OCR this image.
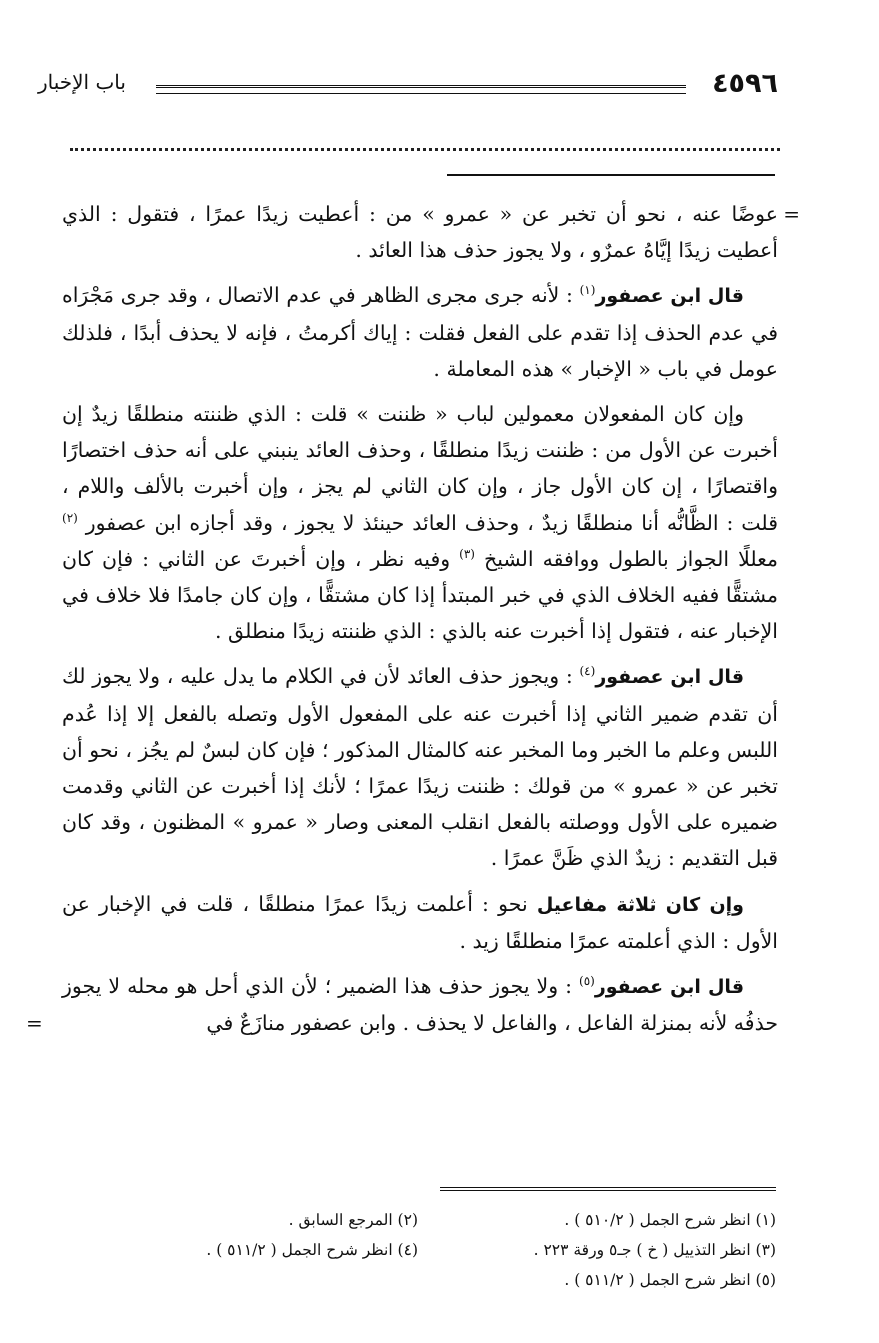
٤٥٩٦
باب الإخبار
=

عوضًا عنه ، نحو أن تخبر عن « عمرو » من : أعطيت زيدًا عمرًا ، فتقول : الذي أعطيت زيدًا إيَّاهُ عمرٌو ، ولا يجوز حذف هذا العائد .

قال ابن عصفور$^{(١)}$ : لأنه جرى مجرى الظاهر في عدم الاتصال ، وقد جرى مَجْرَاه في عدم الحذف إذا تقدم على الفعل فقلت : إياك أكرمتُ ، فإنه لا يحذف أبدًا ، فلذلك عومل في باب « الإخبار » هذه المعاملة .

وإن كان المفعولان معمولين لباب « ظننت » قلت : الذي ظننته منطلقًا زيدٌ إن أخبرت عن الأول من : ظننت زيدًا منطلقًا ، وحذف العائد ينبني على أنه حذف اختصارًا واقتصارًا ، إن كان الأول جاز ، وإن كان الثاني لم يجز ، وإن أخبرت بالألف واللام ، قلت : الظَّانُّه أنا منطلقًا زيدٌ ، وحذف العائد حينئذ لا يجوز ، وقد أجازه ابن عصفور $^{(٢)}$ معللًا الجواز بالطول ووافقه الشيخ $^{(٣)}$ وفيه نظر ، وإن أخبرتَ عن الثاني : فإن كان مشتقًّا ففيه الخلاف الذي في خبر المبتدأ إذا كان مشتقًّا ، وإن كان جامدًا فلا خلاف في الإخبار عنه ، فتقول إذا أخبرت عنه بالذي : الذي ظننته زيدًا منطلق .

قال ابن عصفور$^{(٤)}$ : ويجوز حذف العائد لأن في الكلام ما يدل عليه ، ولا يجوز لك أن تقدم ضمير الثاني إذا أخبرت عنه على المفعول الأول وتصله بالفعل إلا إذا عُدم اللبس وعلم ما الخبر وما المخبر عنه كالمثال المذكور ؛ فإن كان لبسٌ لم يجُز ، نحو أن تخبر عن « عمرو » من قولك : ظننت زيدًا عمرًا ؛ لأنك إذا أخبرت عن الثاني وقدمت ضميره على الأول ووصلته بالفعل انقلب المعنى وصار « عمرو » المظنون ، وقد كان قبل التقديم : زيدٌ الذي ظَنَّ عمرًا .

وإن كان ثلاثة مفاعيل نحو : أعلمت زيدًا عمرًا منطلقًا ، قلت في الإخبار عن الأول : الذي أعلمته عمرًا منطلقًا زيد .

قال ابن عصفور$^{(٥)}$ : ولا يجوز حذف هذا الضمير ؛ لأن الذي أحل هو محله لا يجوز حذفُه لأنه بمنزلة الفاعل ، والفاعل لا يحذف . وابن عصفور منازَعٌ في
=

(١) انظر شرح الجمل ( ٥١٠/٢ ) .
(٢) المرجع السابق .
(٣) انظر التذييل ( خ ) جـ٥ ورقة ٢٢٣ .
(٤) انظر شرح الجمل ( ٥١١/٢ ) .
(٥) انظر شرح الجمل ( ٥١١/٢ ) .
